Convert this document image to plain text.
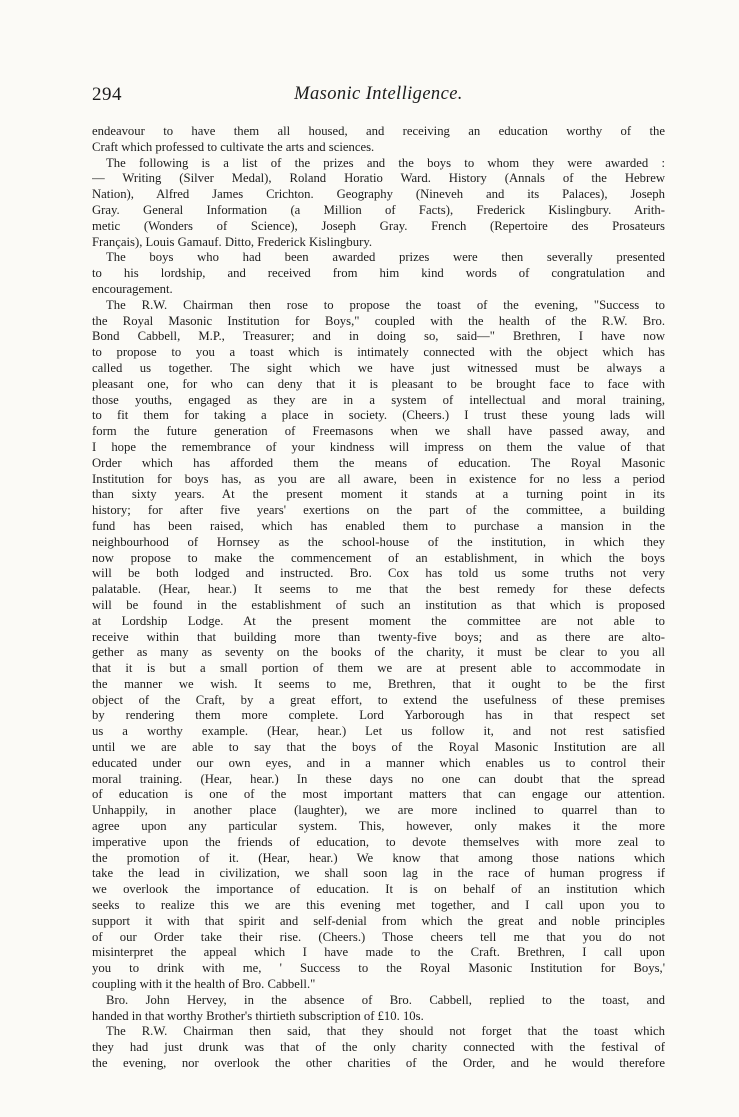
294	Masonic Intelligence.
endeavour to have them all housed, and receiving an education worthy of the
Craft which professed to cultivate the arts and sciences.
The following is a list of the prizes and the boys to whom they were awarded :
— Writing (Silver Medal), Roland Horatio Ward. History (Annals of the Hebrew
Nation), Alfred James Crichton. Geography (Nineveh and its Palaces), Joseph
Gray. General Information (a Million of Facts), Frederick Kislingbury. Arith-
metic (Wonders of Science), Joseph Gray. French (Repertoire des Prosateurs
Français), Louis Gamauf. Ditto, Frederick Kislingbury.
The boys who had been awarded prizes were then severally presented
to his lordship, and received from him kind words of congratulation and
encouragement.
The R.W. Chairman then rose to propose the toast of the evening, "Success to
the Royal Masonic Institution for Boys," coupled with the health of the R.W. Bro.
Bond Cabbell, M.P., Treasurer; and in doing so, said—" Brethren, I have now
to propose to you a toast which is intimately connected with the object which has
called us together. The sight which we have just witnessed must be always a
pleasant one, for who can deny that it is pleasant to be brought face to face with
those youths, engaged as they are in a system of intellectual and moral training,
to fit them for taking a place in society. (Cheers.) I trust these young lads will
form the future generation of Freemasons when we shall have passed away, and
I hope the remembrance of your kindness will impress on them the value of that
Order which has afforded them the means of education. The Royal Masonic
Institution for boys has, as you are all aware, been in existence for no less a period
than sixty years. At the present moment it stands at a turning point in its
history; for after five years' exertions on the part of the committee, a building
fund has been raised, which has enabled them to purchase a mansion in the
neighbourhood of Hornsey as the school-house of the institution, in which they
now propose to make the commencement of an establishment, in which the boys
will be both lodged and instructed. Bro. Cox has told us some truths not very
palatable. (Hear, hear.) It seems to me that the best remedy for these defects
will be found in the establishment of such an institution as that which is proposed
at Lordship Lodge. At the present moment the committee are not able to
receive within that building more than twenty-five boys; and as there are alto-
gether as many as seventy on the books of the charity, it must be clear to you all
that it is but a small portion of them we are at present able to accommodate in
the manner we wish. It seems to me, Brethren, that it ought to be the first
object of the Craft, by a great effort, to extend the usefulness of these premises
by rendering them more complete. Lord Yarborough has in that respect set
us a worthy example. (Hear, hear.) Let us follow it, and not rest satisfied
until we are able to say that the boys of the Royal Masonic Institution are all
educated under our own eyes, and in a manner which enables us to control their
moral training. (Hear, hear.) In these days no one can doubt that the spread
of education is one of the most important matters that can engage our attention.
Unhappily, in another place (laughter), we are more inclined to quarrel than to
agree upon any particular system. This, however, only makes it the more
imperative upon the friends of education, to devote themselves with more zeal to
the promotion of it. (Hear, hear.) We know that among those nations which
take the lead in civilization, we shall soon lag in the race of human progress if
we overlook the importance of education. It is on behalf of an institution which
seeks to realize this we are this evening met together, and I call upon you to
support it with that spirit and self-denial from which the great and noble principles
of our Order take their rise. (Cheers.) Those cheers tell me that you do not
misinterpret the appeal which I have made to the Craft. Brethren, I call upon
you to drink with me, ' Success to the Royal Masonic Institution for Boys,'
coupling with it the health of Bro. Cabbell."
Bro. John Hervey, in the absence of Bro. Cabbell, replied to the toast, and
handed in that worthy Brother's thirtieth subscription of £10. 10s.
The R.W. Chairman then said, that they should not forget that the toast which
they had just drunk was that of the only charity connected with the festival of
the evening, nor overlook the other charities of the Order, and he would therefore
